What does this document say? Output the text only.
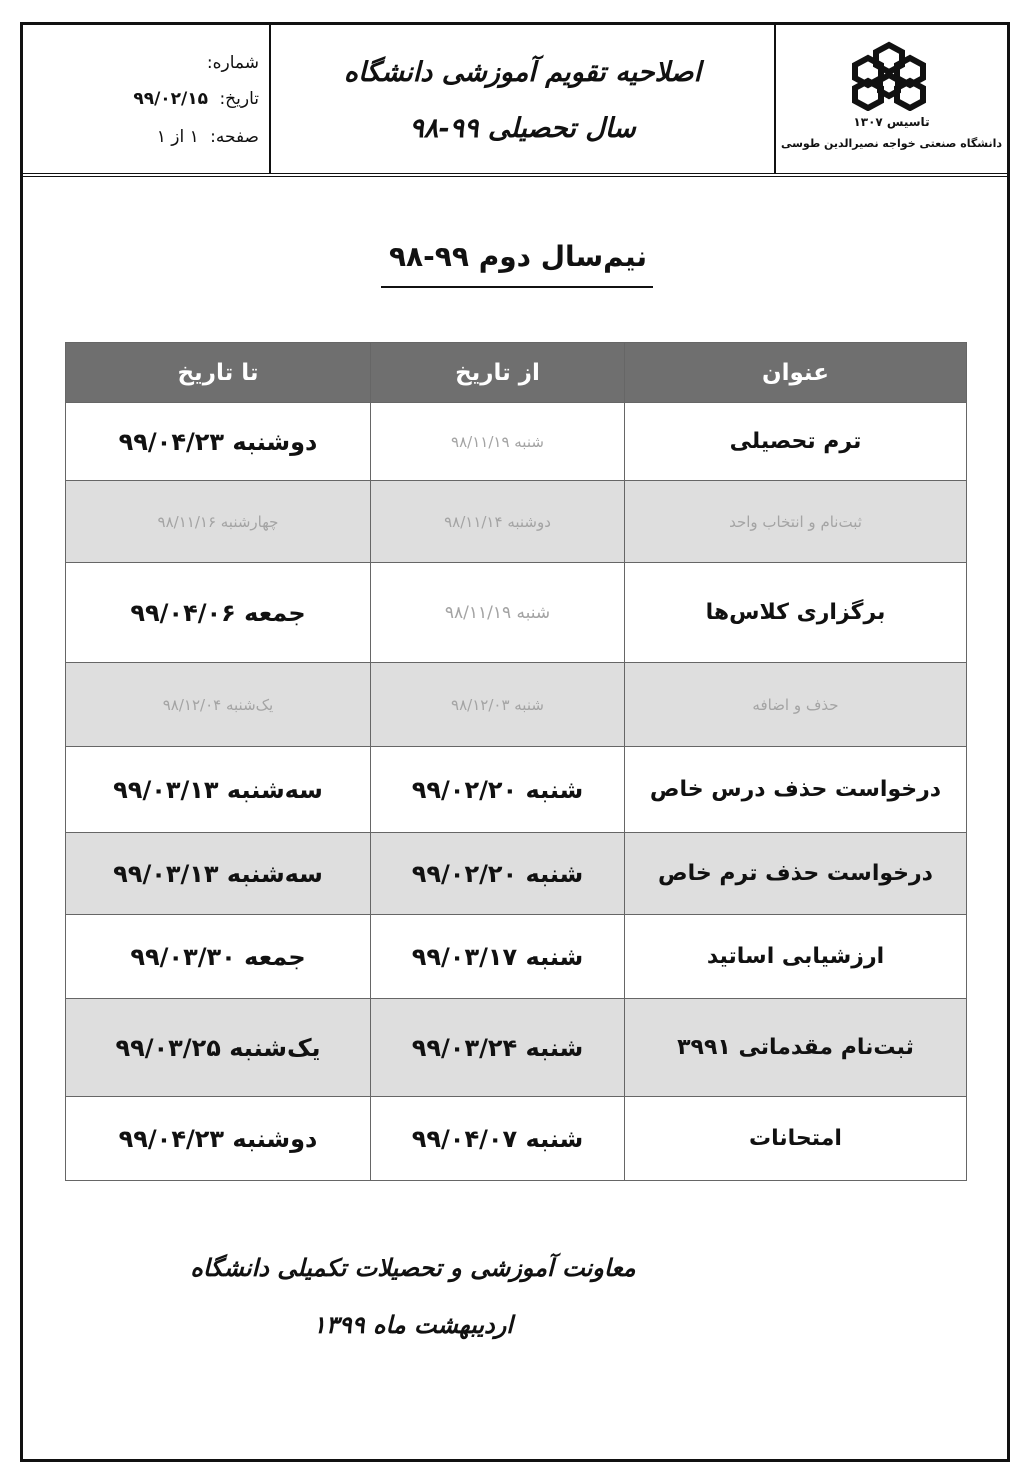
شماره:
تاریخ: ۹۹/۰۲/۱۵
صفحه: ۱ از ۱
اصلاحیه تقویم آموزشی دانشگاه
سال تحصیلی ۹۹-۹۸	تاسیس ۱۳۰۷
دانشگاه صنعتی خواجه نصیرالدین طوسی
نیم‌سال دوم ۹۹-۹۸
تا تاریخ	از تاریخ	عنوان
دوشنبه ۹۹/۰۴/۲۳	شنبه ۹۸/۱۱/۱۹	ترم تحصیلی
چهارشنبه ۹۸/۱۱/۱۶	دوشنبه ۹۸/۱۱/۱۴	ثبت‌نام و انتخاب واحد
جمعه ۹۹/۰۴/۰۶	شنبه ۹۸/۱۱/۱۹	برگزاری کلاس‌ها
یک‌شنبه ۹۸/۱۲/۰۴	شنبه ۹۸/۱۲/۰۳	حذف و اضافه
سه‌شنبه ۹۹/۰۳/۱۳	شنبه ۹۹/۰۲/۲۰	درخواست حذف درس خاص
سه‌شنبه ۹۹/۰۳/۱۳	شنبه ۹۹/۰۲/۲۰	درخواست حذف ترم خاص
جمعه ۹۹/۰۳/۳۰	شنبه ۹۹/۰۳/۱۷	ارزشیابی اساتید
یک‌شنبه ۹۹/۰۳/۲۵	شنبه ۹۹/۰۳/۲۴	ثبت‌نام مقدماتی ۳۹۹۱
دوشنبه ۹۹/۰۴/۲۳	شنبه ۹۹/۰۴/۰۷	امتحانات
معاونت آموزشی و تحصیلات تکمیلی دانشگاه
اردیبهشت ماه ۱۳۹۹
